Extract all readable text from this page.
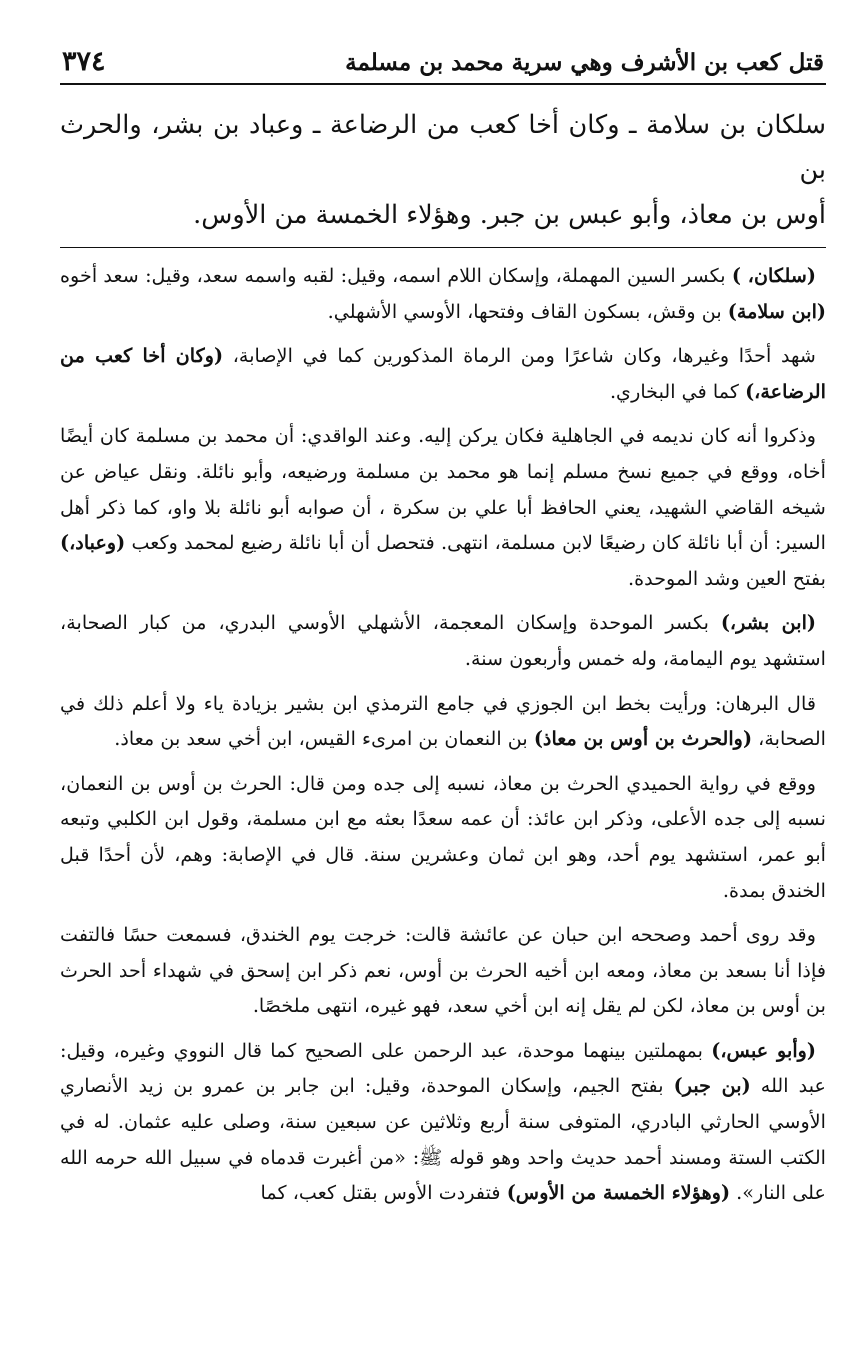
قتل كعب بن الأشرف وهي سرية محمد بن مسلمة
٣٧٤

سلكان بن سلامة ـ وكان أخا كعب من الرضاعة ـ وعباد بن بشر، والحرث بن

أوس بن معاذ، وأبو عبس بن جبر. وهؤلاء الخمسة من الأوس.

(سلكان، ) بكسر السين المهملة، وإسكان اللام اسمه، وقيل: لقبه واسمه سعد، وقيل: سعد أخوه (ابن سلامة) بن وقش، بسكون القاف وفتحها، الأوسي الأشهلي.

شهد أحدًا وغيرها، وكان شاعرًا ومن الرماة المذكورين كما في الإصابة، (وكان أخا كعب من الرضاعة،) كما في البخاري.

وذكروا أنه كان نديمه في الجاهلية فكان يركن إليه. وعند الواقدي: أن محمد بن مسلمة كان أيضًا أخاه، ووقع في جميع نسخ مسلم إنما هو محمد بن مسلمة ورضيعه، وأبو نائلة. ونقل عياض عن شيخه القاضي الشهيد، يعني الحافظ أبا علي بن سكرة ، أن صوابه أبو نائلة بلا واو، كما ذكر أهل السير: أن أبا نائلة كان رضيعًا لابن مسلمة، انتهى. فتحصل أن أبا نائلة رضيع لمحمد وكعب (وعباد،) بفتح العين وشد الموحدة.

(ابن بشر،) بكسر الموحدة وإسكان المعجمة، الأشهلي الأوسي البدري، من كبار الصحابة، استشهد يوم اليمامة، وله خمس وأربعون سنة.

قال البرهان: ورأيت بخط ابن الجوزي في جامع الترمذي ابن بشير بزيادة ياء ولا أعلم ذلك في الصحابة، (والحرث بن أوس بن معاذ) بن النعمان بن امرىء القيس، ابن أخي سعد بن معاذ.

ووقع في رواية الحميدي الحرث بن معاذ، نسبه إلى جده ومن قال: الحرث بن أوس بن النعمان، نسبه إلى جده الأعلى، وذكر ابن عائذ: أن عمه سعدًا بعثه مع ابن مسلمة، وقول ابن الكلبي وتبعه أبو عمر، استشهد يوم أحد، وهو ابن ثمان وعشرين سنة. قال في الإصابة: وهم، لأن أحدًا قبل الخندق بمدة.

وقد روى أحمد وصححه ابن حبان عن عائشة قالت: خرجت يوم الخندق، فسمعت حسًا فالتفت فإذا أنا بسعد بن معاذ، ومعه ابن أخيه الحرث بن أوس، نعم ذكر ابن إسحق في شهداء أحد الحرث بن أوس بن معاذ، لكن لم يقل إنه ابن أخي سعد، فهو غيره، انتهى ملخصًا.

(وأبو عبس،) بمهملتين بينهما موحدة، عبد الرحمن على الصحيح كما قال النووي وغيره، وقيل: عبد الله (بن جبر) بفتح الجيم، وإسكان الموحدة، وقيل: ابن جابر بن عمرو بن زيد الأنصاري الأوسي الحارثي البادري، المتوفى سنة أربع وثلاثين عن سبعين سنة، وصلى عليه عثمان. له في الكتب الستة ومسند أحمد حديث واحد وهو قوله ﷺ: «من أغبرت قدماه في سبيل الله حرمه الله على النار». (وهؤلاء الخمسة من الأوس) فتفردت الأوس بقتل كعب، كما
